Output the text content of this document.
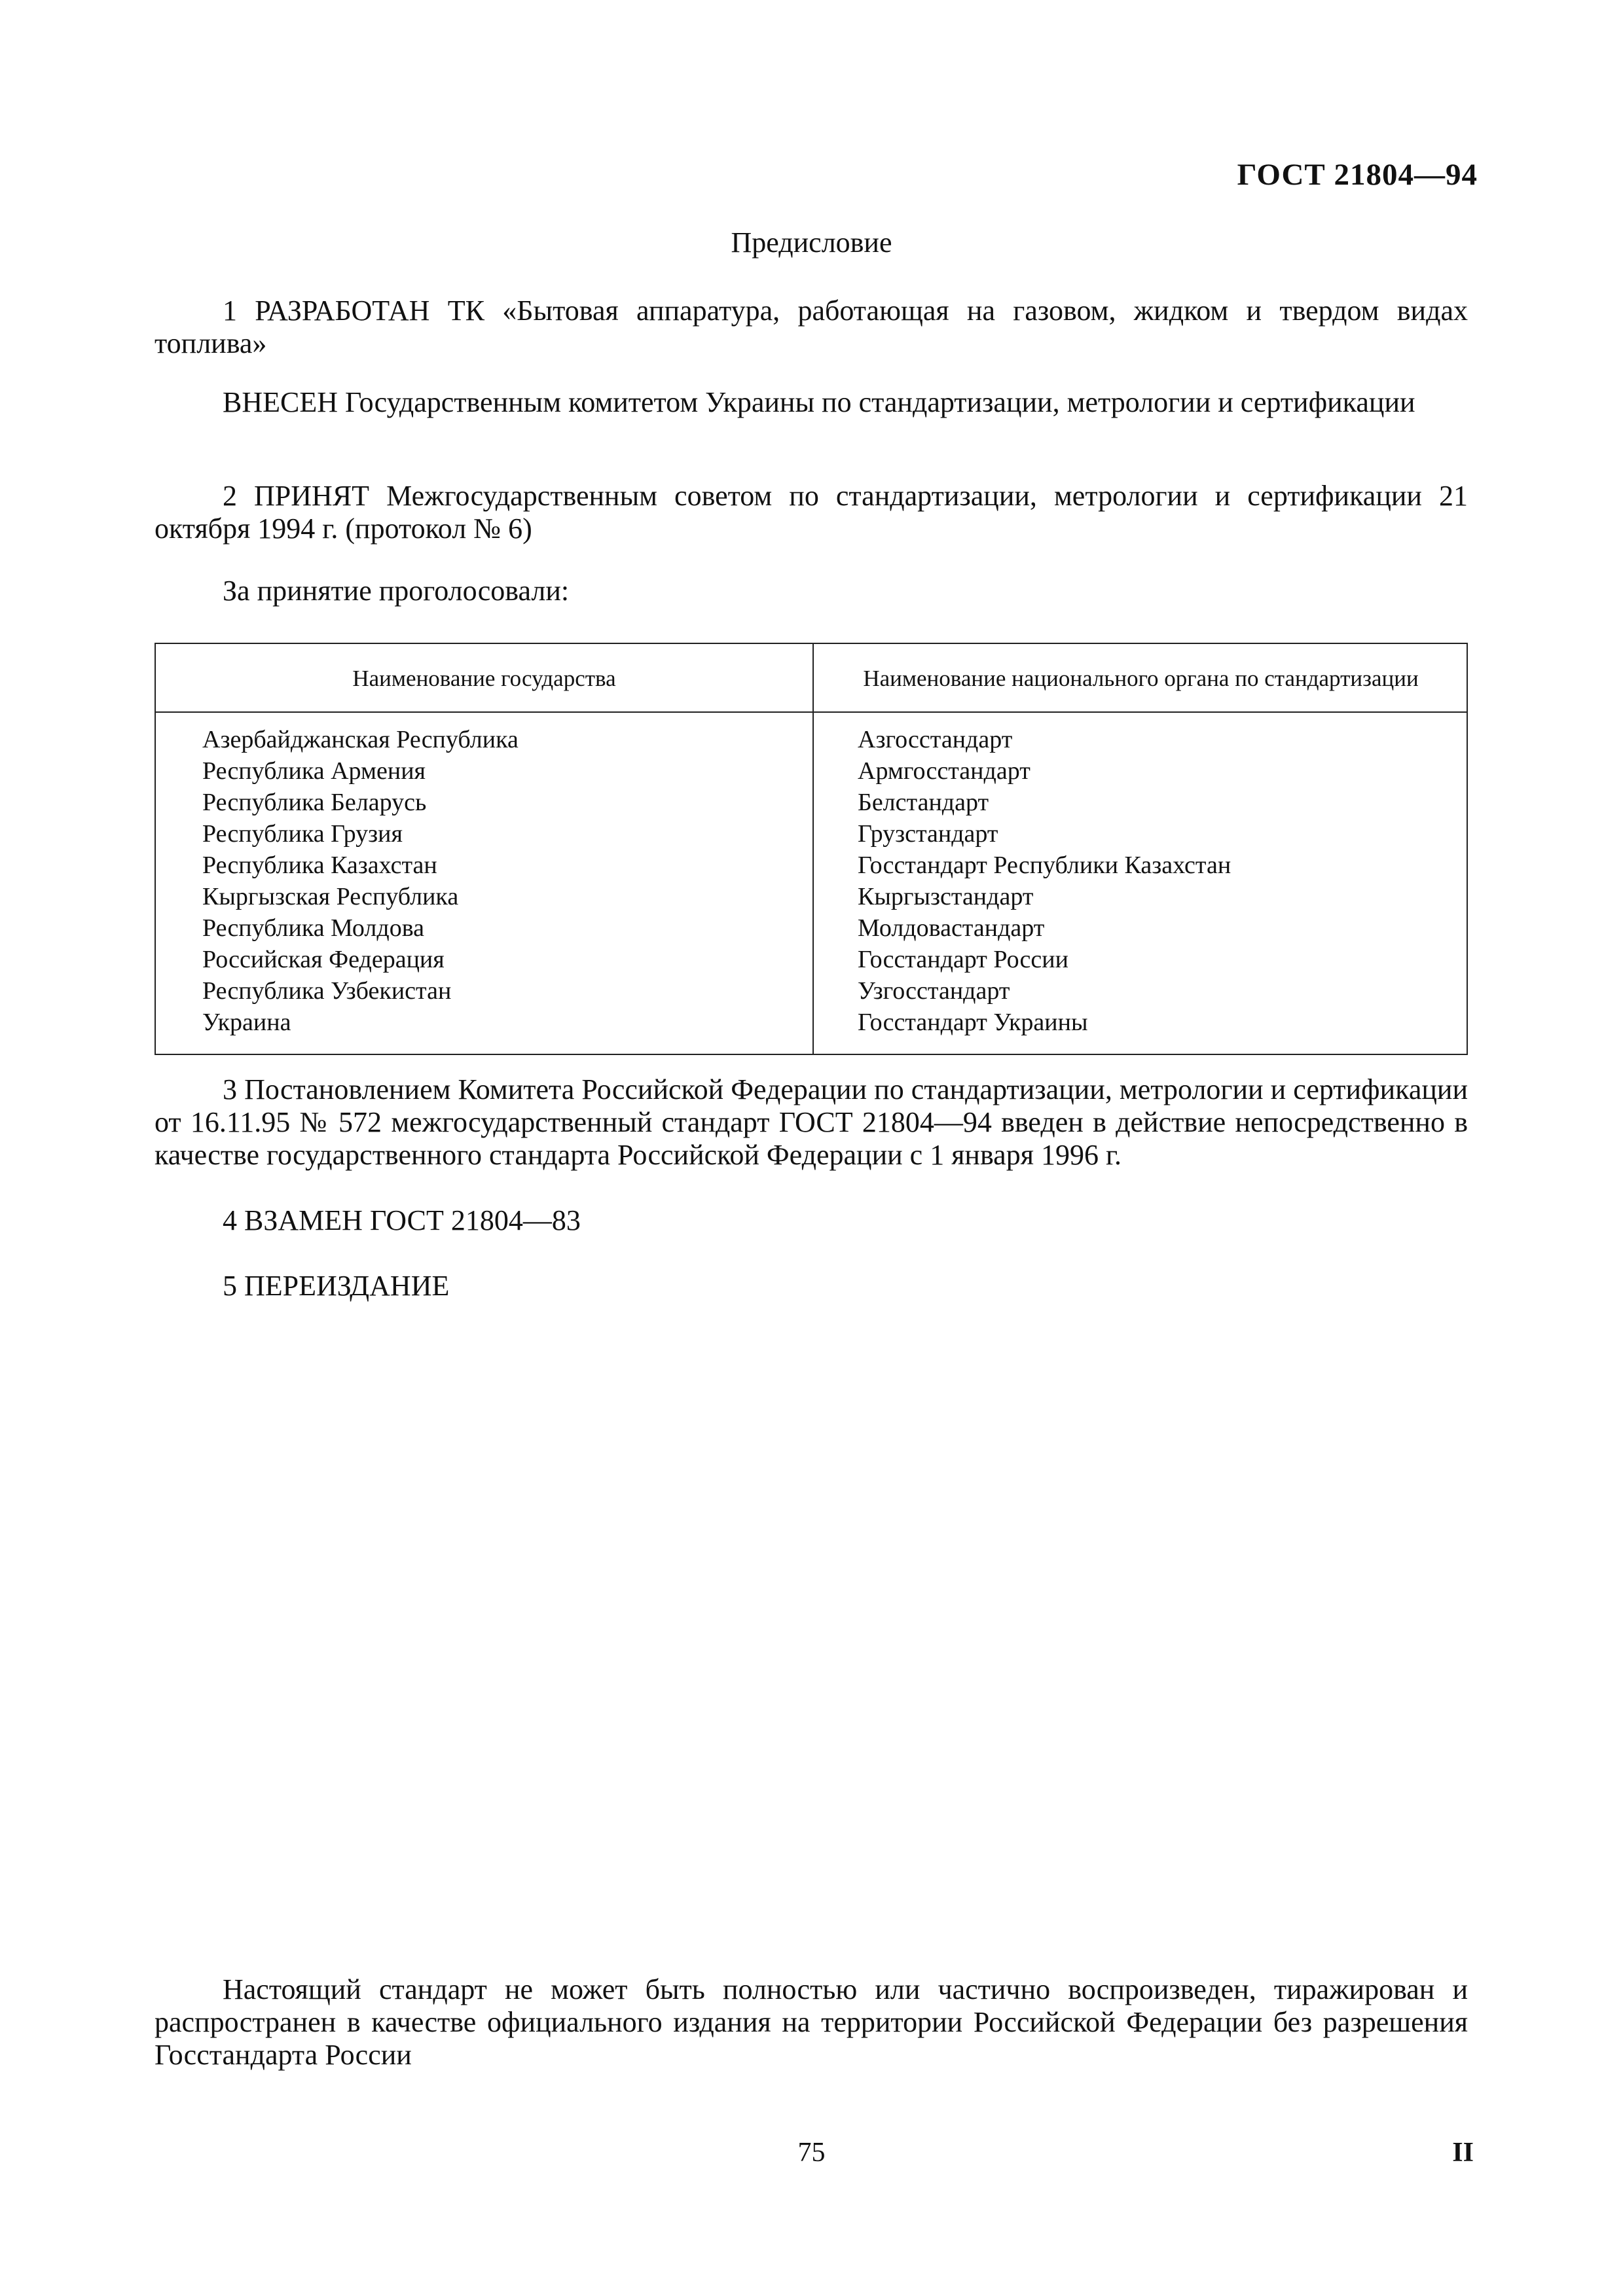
ГОСТ 21804—94
Предисловие
1 РАЗРАБОТАН ТК «Бытовая аппаратура, работающая на газовом, жидком и твердом видах топлива»
ВНЕСЕН Государственным комитетом Украины по стандартизации, метрологии и сертификации
2 ПРИНЯТ Межгосударственным советом по стандартизации, метрологии и сертификации 21 октября 1994 г. (протокол № 6)
За принятие проголосовали:
Наименование государства	Наименование национального органа по стандартизации
Азербайджанская Республика	Азгосстандарт
Республика Армения	Армгосстандарт
Республика Беларусь	Белстандарт
Республика Грузия	Грузстандарт
Республика Казахстан	Госстандарт Республики Казахстан
Кыргызская Республика	Кыргызстандарт
Республика Молдова	Молдовастандарт
Российская Федерация	Госстандарт России
Республика Узбекистан	Узгосстандарт
Украина	Госстандарт Украины
3 Постановлением Комитета Российской Федерации по стандартизации, метрологии и сертификации от 16.11.95 № 572 межгосударственный стандарт ГОСТ 21804—94 введен в действие непосредственно в качестве государственного стандарта Российской Федерации с 1 января 1996 г.
4 ВЗАМЕН ГОСТ 21804—83
5 ПЕРЕИЗДАНИЕ
Настоящий стандарт не может быть полностью или частично воспроизведен, тиражирован и распространен в качестве официального издания на территории Российской Федерации без разрешения Госстандарта России
75	II
